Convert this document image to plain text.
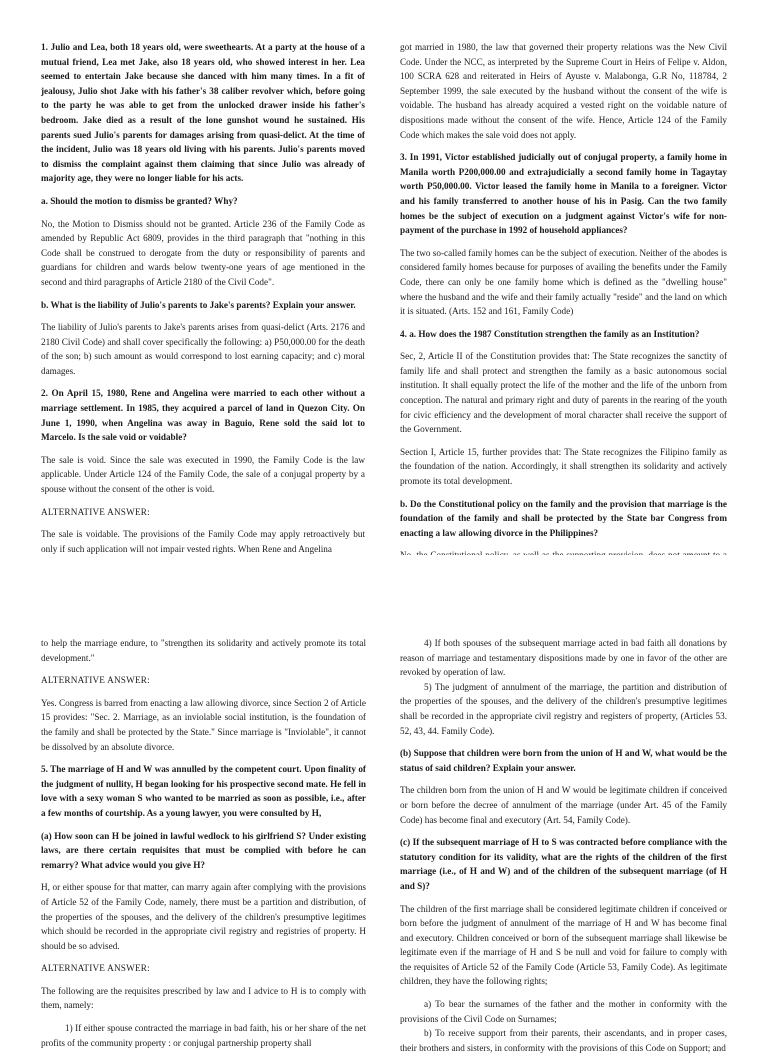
1. Julio and Lea, both 18 years old, were sweethearts. At a party at the house of a mutual friend, Lea met Jake, also 18 years old, who showed interest in her. Lea seemed to entertain Jake because she danced with him many times. In a fit of jealousy, Julio shot Jake with his father's 38 caliber revolver which, before going to the party he was able to get from the unlocked drawer inside his father's bedroom. Jake died as a result of the lone gunshot wound he sustained. His parents sued Julio's parents for damages arising from quasi-delict. At the time of the incident, Julio was 18 years old living with his parents. Julio's parents moved to dismiss the complaint against them claiming that since Julio was already of majority age, they were no longer liable for his acts.

a. Should the motion to dismiss be granted? Why?

No, the Motion to Dismiss should not be granted. Article 236 of the Family Code as amended by Republic Act 6809, provides in the third paragraph that "nothing in this Code shall be construed to derogate from the duty or responsibility of parents and guardians for children and wards below twenty-one years of age mentioned in the second and third paragraphs of Article 2180 of the Civil Code".

b. What is the liability of Julio's parents to Jake's parents? Explain your answer.

The liability of Julio's parents to Jake's parents arises from quasi-delict (Arts. 2176 and 2180 Civil Code) and shall cover specifically the following: a) P50,000.00 for the death of the son; b) such amount as would correspond to lost earning capacity; and c) moral damages.

2. On April 15, 1980, Rene and Angelina were married to each other without a marriage settlement. In 1985, they acquired a parcel of land in Quezon City. On June 1, 1990, when Angelina was away in Baguio, Rene sold the said lot to Marcelo. Is the sale void or voidable?

The sale is void. Since the sale was executed in 1990, the Family Code is the law applicable. Under Article 124 of the Family Code, the sale of a conjugal property by a spouse without the consent of the other is void.

ALTERNATIVE ANSWER:

The sale is voidable. The provisions of the Family Code may apply retroactively but only if such application will not impair vested rights. When Rene and Angelina

got married in 1980, the law that governed their property relations was the New Civil Code. Under the NCC, as interpreted by the Supreme Court in Heirs of Felipe v. Aldon, 100 SCRA 628 and reiterated in Heirs of Ayuste v. Malabonga, G.R No, 118784, 2 September 1999, the sale executed by the husband without the consent of the wife is voidable. The husband has already acquired a vested right on the voidable nature of dispositions made without the consent of the wife. Hence, Article 124 of the Family Code which makes the sale void does not apply.

3. In 1991, Victor established judicially out of conjugal property, a family home in Manila worth P200,000.00 and extrajudicially a second family home in Tagaytay worth P50,000.00. Victor leased the family home in Manila to a foreigner. Victor and his family transferred to another house of his in Pasig. Can the two family homes be the subject of execution on a judgment against Victor's wife for non-payment of the purchase in 1992 of household appliances?

The two so-called family homes can be the subject of execution. Neither of the abodes is considered family homes because for purposes of availing the benefits under the Family Code, there can only be one family home which is defined as the "dwelling house" where the husband and the wife and their family actually "reside" and the land on which it is situated. (Arts. 152 and 161, Family Code)

4. a. How does the 1987 Constitution strengthen the family as an Institution?

Sec, 2, Article II of the Constitution provides that: The State recognizes the sanctity of family life and shall protect and strengthen the family as a basic autonomous social institution. It shall equally protect the life of the mother and the life of the unborn from conception. The natural and primary right and duty of parents in the rearing of the youth for civic efficiency and the development of moral character shall receive the support of the Government.

Section I, Article 15, further provides that: The State recognizes the Filipino family as the foundation of the nation. Accordingly, it shall strengthen its solidarity and actively promote its total development.

b. Do the Constitutional policy on the family and the provision that marriage is the foundation of the family and shall be protected by the State bar Congress from enacting a law allowing divorce in the Philippines?

to help the marriage endure, to "strengthen its solidarity and actively promote its total development."

ALTERNATIVE ANSWER:

Yes. Congress is barred from enacting a law allowing divorce, since Section 2 of Article 15 provides: "Sec. 2. Marriage, as an inviolable social institution, is the foundation of the family and shall be protected by the State." Since marriage is "Inviolable", it cannot be dissolved by an absolute divorce.

5. The marriage of H and W was annulled by the competent court. Upon finality of the judgment of nullity, H began looking for his prospective second mate. He fell in love with a sexy woman S who wanted to be married as soon as possible, i.e., after a few months of courtship. As a young lawyer, you were consulted by H,

(a) How soon can H be joined in lawful wedlock to his girlfriend S? Under existing laws, are there certain requisites that must be complied with before he can remarry? What advice would you give H?

H, or either spouse for that matter, can marry again after complying with the provisions of Article 52 of the Family Code, namely, there must be a partition and distribution, of the properties of the spouses, and the delivery of the children's presumptive legitimes which should be recorded in the appropriate civil registry and registries of property. H should be so advised.

ALTERNATIVE ANSWER:

The following are the requisites prescribed by law and I advice to H is to comply with them, namely:

1) If either spouse contracted the marriage in bad faith, his or her share of the net profits of the community property : or conjugal partnership property shall

4) If both spouses of the subsequent marriage acted in bad faith all donations by reason of marriage and testamentary dispositions made by one in favor of the other are revoked by operation of law.

5) The judgment of annulment of the marriage, the partition and distribution of the properties of the spouses, and the delivery of the children's presumptive legitimes shall be recorded in the appropriate civil registry and registers of property, (Articles 53. 52, 43, 44. Family Code).

(b) Suppose that children were born from the union of H and W, what would be the status of said children? Explain your answer.

The children born from the union of H and W would be legitimate children if conceived or born before the decree of annulment of the marriage (under Art. 45 of the Family Code) has become final and executory (Art. 54, Family Code).

(c) If the subsequent marriage of H to S was contracted before compliance with the statutory condition for its validity, what are the rights of the children of the first marriage (i.e., of H and W) and of the children of the subsequent marriage (of H and S)?

The children of the first marriage shall be considered legitimate children if conceived or born before the judgment of annulment of the marriage of H and W has become final and executory. Children conceived or born of the subsequent marriage shall likewise be legitimate even if the marriage of H and S be null and void for failure to comply with the requisites of Article 52 of the Family Code (Article 53, Family Code). As legitimate children, they have the following rights;

a) To bear the surnames of the father and the mother in conformity with the provisions of the Civil Code on Surnames;

b) To receive support from their parents, their ascendants, and in proper cases, their brothers and sisters, in conformity with the provisions of this Code on Support; and
